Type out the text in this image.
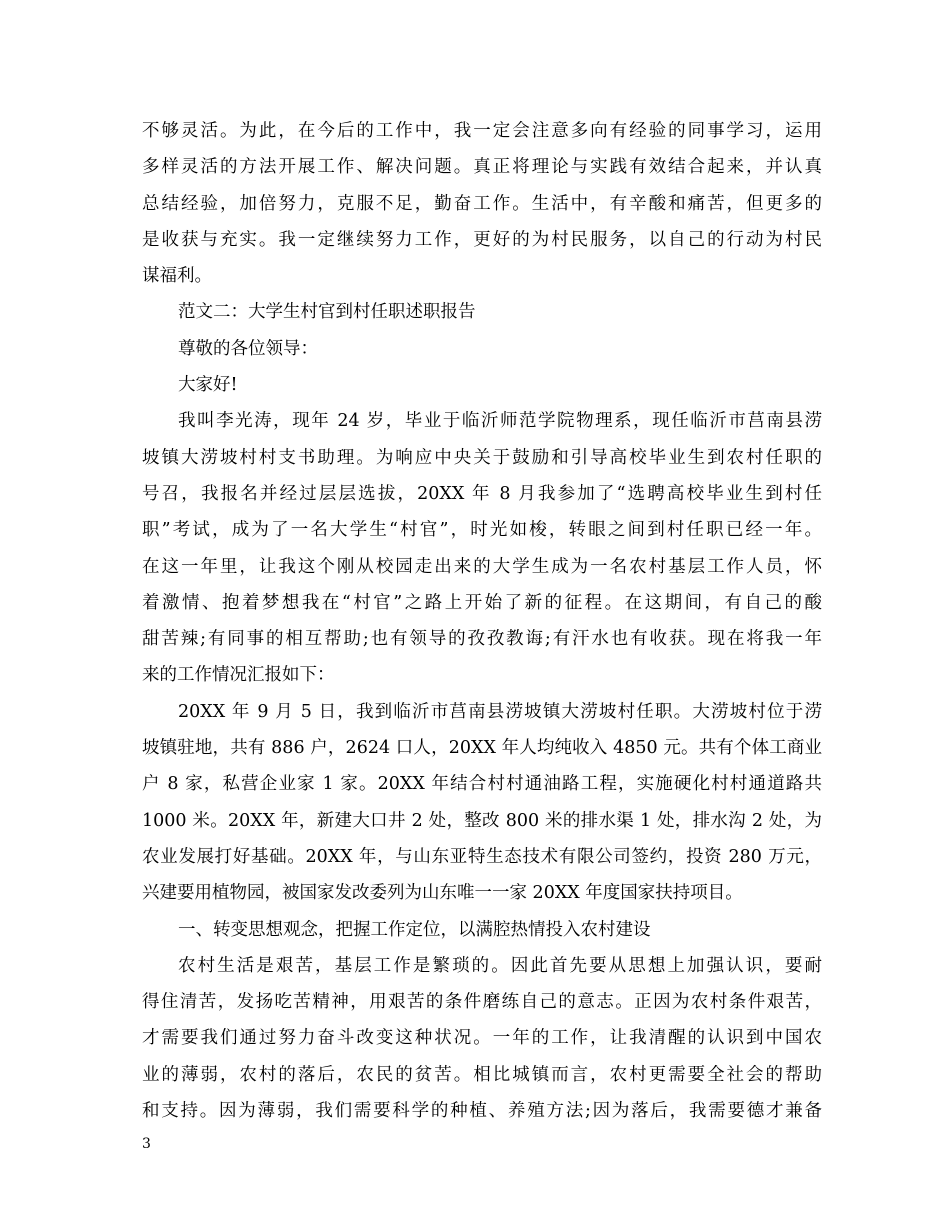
不够灵活。为此，在今后的工作中，我一定会注意多向有经验的同事学习，运用
多样灵活的方法开展工作、解决问题。真正将理论与实践有效结合起来，并认真
总结经验，加倍努力，克服不足，勤奋工作。生活中，有辛酸和痛苦，但更多的
是收获与充实。我一定继续努力工作，更好的为村民服务，以自己的行动为村民
谋福利。
范文二：大学生村官到村任职述职报告
尊敬的各位领导：
大家好!
我叫李光涛，现年 24 岁，毕业于临沂师范学院物理系，现任临沂市莒南县涝
坡镇大涝坡村村支书助理。为响应中央关于鼓励和引导高校毕业生到农村任职的
号召，我报名并经过层层选拔，20XX 年 8 月我参加了“选聘高校毕业生到村任
职”考试，成为了一名大学生“村官”，时光如梭，转眼之间到村任职已经一年。
在这一年里，让我这个刚从校园走出来的大学生成为一名农村基层工作人员，怀
着激情、抱着梦想我在“村官”之路上开始了新的征程。在这期间，有自己的酸
甜苦辣;有同事的相互帮助;也有领导的孜孜教诲;有汗水也有收获。现在将我一年
来的工作情况汇报如下：
20XX 年 9 月 5 日，我到临沂市莒南县涝坡镇大涝坡村任职。大涝坡村位于涝
坡镇驻地，共有 886 户，2624 口人，20XX 年人均纯收入 4850 元。共有个体工商业
户 8 家，私营企业家 1 家。20XX 年结合村村通油路工程，实施硬化村村通道路共
1000 米。20XX 年，新建大口井 2 处，整改 800 米的排水渠 1 处，排水沟 2 处，为
农业发展打好基础。20XX 年，与山东亚特生态技术有限公司签约，投资 280 万元，
兴建要用植物园，被国家发改委列为山东唯一一家 20XX 年度国家扶持项目。
一、转变思想观念，把握工作定位，以满腔热情投入农村建设
农村生活是艰苦，基层工作是繁琐的。因此首先要从思想上加强认识，要耐
得住清苦，发扬吃苦精神，用艰苦的条件磨练自己的意志。正因为农村条件艰苦，
才需要我们通过努力奋斗改变这种状况。一年的工作，让我清醒的认识到中国农
业的薄弱，农村的落后，农民的贫苦。相比城镇而言，农村更需要全社会的帮助
和支持。因为薄弱，我们需要科学的种植、养殖方法;因为落后，我需要德才兼备
3
